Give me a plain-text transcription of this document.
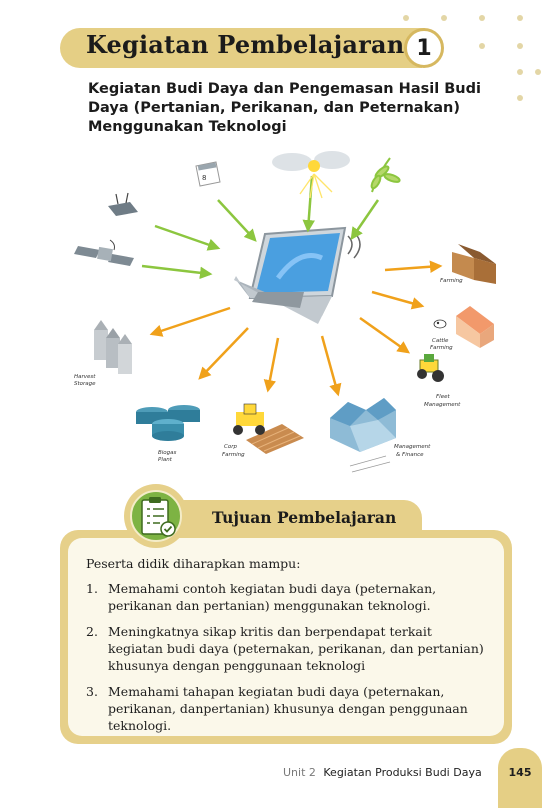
Kegiatan Pembelajaran 1
Kegiatan Budi Daya dan Pengemasan Hasil Budi Daya (Pertanian, Perikanan, dan Peternakan) Menggunakan Teknologi
8
Farming
Cattle
Farming
Fleet
Management
Management
& Finance
Corp
Farming
Biogas
Plant
Harvest
Storage
Tujuan Pembelajaran
Peserta didik diharapkan mampu:
1. Memahami contoh kegiatan budi daya (peternakan, perikanan dan pertanian) menggunakan teknologi.
2. Meningkatnya sikap kritis dan berpendapat terkait kegiatan budi daya (peternakan, perikanan, dan pertanian) khusunya dengan penggunaan teknologi
3. Memahami tahapan kegiatan budi daya (peternakan, perikanan, danpertanian) khusunya dengan penggunaan teknologi.
Unit 2 Kegiatan Produksi Budi Daya	145
